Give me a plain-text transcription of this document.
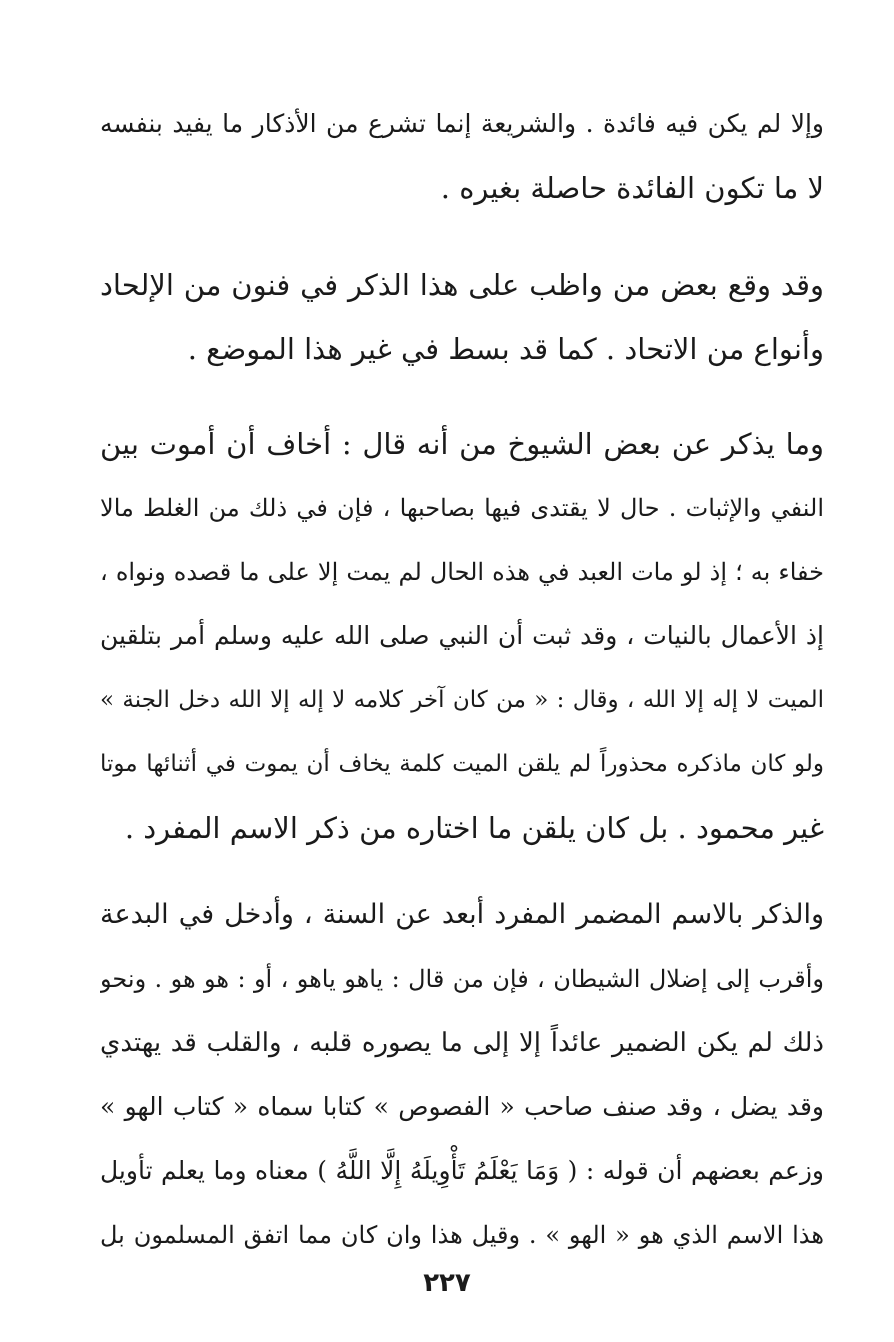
وإلا لم يكن فيه فائدة . والشريعة إنما تشرع من الأذكار ما يفيد بنفسه
لا ما تكون الفائدة حاصلة بغيره .
وقد وقع بعض من واظب على هذا الذكر في فنون من الإلحاد
وأنواع من الاتحاد . كما قد بسط في غير هذا الموضع .
وما يذكر عن بعض الشيوخ من أنه قال : أخاف أن أموت بين
النفي والإثبات . حال لا يقتدى فيها بصاحبها ، فإن في ذلك من الغلط مالا
خفاء به ؛ إذ لو مات العبد في هذه الحال لم يمت إلا على ما قصده ونواه ،
إذ الأعمال بالنيات ، وقد ثبت أن النبي صلى الله عليه وسلم أمر بتلقين
الميت لا إله إلا الله ، وقال : « من كان آخر كلامه لا إله إلا الله دخل الجنة »
ولو كان ماذكره محذوراً لم يلقن الميت كلمة يخاف أن يموت في أثنائها موتا
غير محمود . بل كان يلقن ما اختاره من ذكر الاسم المفرد .
والذكر بالاسم المضمر المفرد أبعد عن السنة ، وأدخل في البدعة
وأقرب إلى إضلال الشيطان ، فإن من قال : ياهو ياهو ، أو : هو هو . ونحو
ذلك لم يكن الضمير عائداً إلا إلى ما يصوره قلبه ، والقلب قد يهتدي
وقد يضل ، وقد صنف صاحب « الفصوص » كتابا سماه « كتاب الهو »
وزعم بعضهم أن قوله : ( وَمَا يَعْلَمُ تَأْوِيلَهُ إِلَّا اللَّهُ ) معناه وما يعلم تأويل
هذا الاسم الذي هو « الهو » . وقيل هذا وان كان مما اتفق المسلمون بل
٢٢٧
